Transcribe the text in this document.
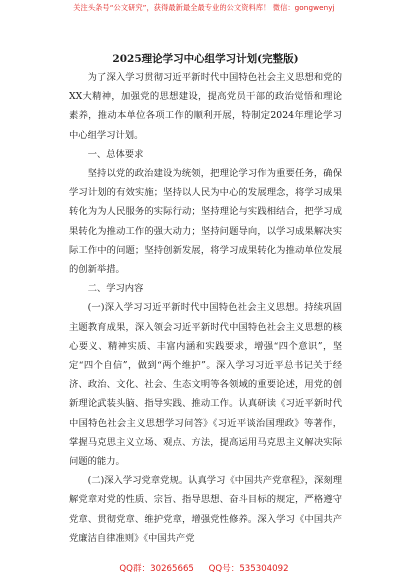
关注头条号“公文研究”，获得最新最全最专业的公文资料库！ 微信：gongwenyj

2025理论学习中心组学习计划(完整版)

为了深入学习贯彻习近平新时代中国特色社会主义思想和党的XX大精神，加强党的思想建设，提高党员干部的政治觉悟和理论素养，推动本单位各项工作的顺利开展，特制定2024年理论学习中心组学习计划。

一、总体要求

坚持以党的政治建设为统领，把理论学习作为重要任务，确保学习计划的有效实施；坚持以人民为中心的发展理念，将学习成果转化为为人民服务的实际行动；坚持理论与实践相结合，把学习成果转化为推动工作的强大动力；坚持问题导向，以学习成果解决实际工作中的问题；坚持创新发展，将学习成果转化为推动单位发展的创新举措。

二、学习内容

(一)深入学习习近平新时代中国特色社会主义思想。持续巩固主题教育成果，深入领会习近平新时代中国特色社会主义思想的核心要义、精神实质、丰富内涵和实践要求，增强“四个意识”，坚定“四个自信”，做到“两个维护”。深入学习习近平总书记关于经济、政治、文化、社会、生态文明等各领域的重要论述，用党的创新理论武装头脑、指导实践、推动工作。认真研读《习近平新时代中国特色社会主义思想学习问答》《习近平谈治国理政》等著作，掌握马克思主义立场、观点、方法，提高运用马克思主义解决实际问题的能力。

(二)深入学习党章党规。认真学习《中国共产党章程》，深刻理解党章对党的性质、宗旨、指导思想、奋斗目标的规定，严格遵守党章、贯彻党章、维护党章，增强党性修养。深入学习《中国共产党廉洁自律准则》《中国共产党

QQ群：30265665 QQ号：535304092
